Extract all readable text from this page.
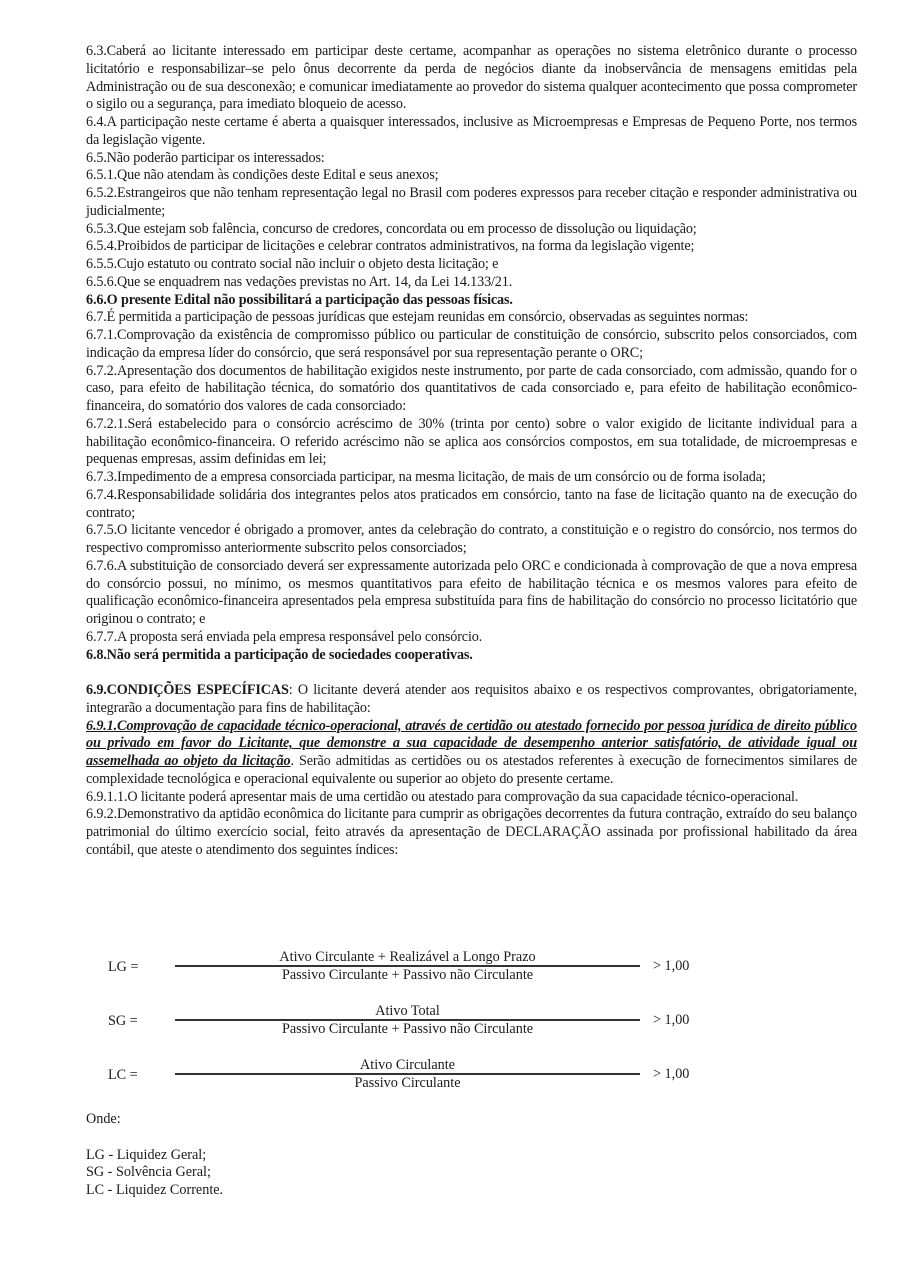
6.3.Caberá ao licitante interessado em participar deste certame, acompanhar as operações no sistema eletrônico durante o processo licitatório e responsabilizar–se pelo ônus decorrente da perda de negócios diante da inobservância de mensagens emitidas pela Administração ou de sua desconexão; e comunicar imediatamente ao provedor do sistema qualquer acontecimento que possa comprometer o sigilo ou a segurança, para imediato bloqueio de acesso.

6.4.A participação neste certame é aberta a quaisquer interessados, inclusive as Microempresas e Empresas de Pequeno Porte, nos termos da legislação vigente.

6.5.Não poderão participar os interessados:

6.5.1.Que não atendam às condições deste Edital e seus anexos;

6.5.2.Estrangeiros que não tenham representação legal no Brasil com poderes expressos para receber citação e responder administrativa ou judicialmente;

6.5.3.Que estejam sob falência, concurso de credores, concordata ou em processo de dissolução ou liquidação;

6.5.4.Proibidos de participar de licitações e celebrar contratos administrativos, na forma da legislação vigente;

6.5.5.Cujo estatuto ou contrato social não incluir o objeto desta licitação; e

6.5.6.Que se enquadrem nas vedações previstas no Art. 14, da Lei 14.133/21.

6.6.O presente Edital não possibilitará a participação das pessoas físicas.

6.7.É permitida a participação de pessoas jurídicas que estejam reunidas em consórcio, observadas as seguintes normas:

6.7.1.Comprovação da existência de compromisso público ou particular de constituição de consórcio, subscrito pelos consorciados, com indicação da empresa líder do consórcio, que será responsável por sua representação perante o ORC;

6.7.2.Apresentação dos documentos de habilitação exigidos neste instrumento, por parte de cada consorciado, com admissão, quando for o caso, para efeito de habilitação técnica, do somatório dos quantitativos de cada consorciado e, para efeito de habilitação econômico-financeira, do somatório dos valores de cada consorciado:

6.7.2.1.Será estabelecido para o consórcio acréscimo de 30% (trinta por cento) sobre o valor exigido de licitante individual para a habilitação econômico-financeira. O referido acréscimo não se aplica aos consórcios compostos, em sua totalidade, de microempresas e pequenas empresas, assim definidas em lei;

6.7.3.Impedimento de a empresa consorciada participar, na mesma licitação, de mais de um consórcio ou de forma isolada;

6.7.4.Responsabilidade solidária dos integrantes pelos atos praticados em consórcio, tanto na fase de licitação quanto na de execução do contrato;

6.7.5.O licitante vencedor é obrigado a promover, antes da celebração do contrato, a constituição e o registro do consórcio, nos termos do respectivo compromisso anteriormente subscrito pelos consorciados;

6.7.6.A substituição de consorciado deverá ser expressamente autorizada pelo ORC e condicionada à comprovação de que a nova empresa do consórcio possui, no mínimo, os mesmos quantitativos para efeito de habilitação técnica e os mesmos valores para efeito de qualificação econômico-financeira apresentados pela empresa substituída para fins de habilitação do consórcio no processo licitatório que originou o contrato; e

6.7.7.A proposta será enviada pela empresa responsável pelo consórcio.

6.8.Não será permitida a participação de sociedades cooperativas.

6.9.CONDIÇÕES ESPECÍFICAS: O licitante deverá atender aos requisitos abaixo e os respectivos comprovantes, obrigatoriamente, integrarão a documentação para fins de habilitação:

6.9.1.Comprovação de capacidade técnico-operacional, através de certidão ou atestado fornecido por pessoa jurídica de direito público ou privado em favor do Licitante, que demonstre a sua capacidade de desempenho anterior satisfatório, de atividade igual ou assemelhada ao objeto da licitação. Serão admitidas as certidões ou os atestados referentes à execução de fornecimentos similares de complexidade tecnológica e operacional equivalente ou superior ao objeto do presente certame.

6.9.1.1.O licitante poderá apresentar mais de uma certidão ou atestado para comprovação da sua capacidade técnico-operacional.

6.9.2.Demonstrativo da aptidão econômica do licitante para cumprir as obrigações decorrentes da futura contração, extraído do seu balanço patrimonial do último exercício social, feito através da apresentação de DECLARAÇÃO assinada por profissional habilitado da área contábil, que ateste o atendimento dos seguintes índices:

LG =
Ativo Circulante + Realizável a Longo Prazo
Passivo Circulante + Passivo não Circulante
> 1,00
SG =
Ativo Total
Passivo Circulante + Passivo não Circulante
> 1,00
LC =
Ativo Circulante
Passivo Circulante
> 1,00
Onde:
LG - Liquidez Geral;
SG - Solvência Geral;
LC - Liquidez Corrente.
